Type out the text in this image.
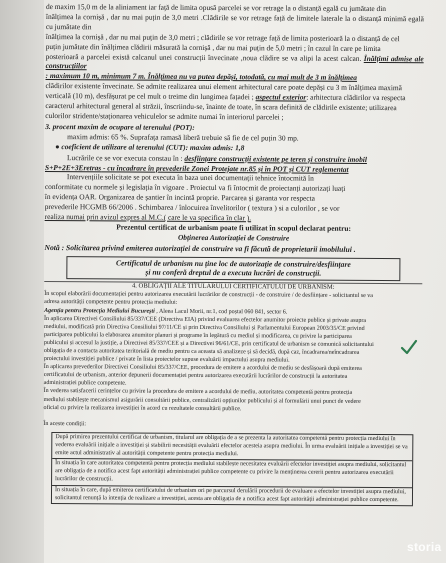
de maxim 15,0 m de la aliniament iar față de limita opusă parcelei se vor retrage la o distanță egală cu jumătate din

înălțimea la cornișă , dar nu mai puțin de 3,0 metri .Clădirile se vor retrage față de limitele laterale la o distanță minimă egală cu jumătate din

înălțimea la cornișă , dar nu mai puțin de 3,0 metri ; clădirile se vor retrage față de limita posterioară la o distanță de cel

puțin jumătate din înălțimea clădirii măsurată la cornișă , dar nu mai puțin de 5,0 metri ; în cazul în care pe limita

posterioară a parcelei există calcanul unei construcții învecinate ,noua clădire se va alipi la acest calcan. Înălțimi admise ale construcțiilor

: maximum 10 m, minimum 7 m. Înălțimea nu va putea depăși, totodată, cu mai mult de 3 m înălțimea

clădirilor existente învecinate. Se admite realizarea unui element arhitectural care poate depăși cu 3 m înălțimea maximă

verticală (10 m), desfășurat pe cel mult o treime din lungimea fațadei ; aspectul exterior: arhitectura clădirilor va respecta

caracterul arhitectural general al străzii, înscriindu-se, înainte de toate, în scara definită de clădirile existente; utilizarea

culorilor stridente/staționarea vehiculelor se admite numai în interiorul parcelei ;

3. procent maxim de ocupare al terenului (POT):

maxim admis: 65 %. Suprafața ramasă liberă trebuie să fie de cel puțin 30 mp.

● coeficient de utilizare al terenului (CUT): maxim admis: 1,8

Lucrările ce se vor executa constau în : desființare construcții existente pe teren și construire imobil

S+P+2E+3Eretras - cu încadrare în prevederile Zonei Protejate nr.85 și în POT și CUT reglementat

Intervențiile solicitate se pot executa în baza unei documentații tehnice întocmită în

conformitate cu normele și legislația în vigoare . Proiectul va fi întocmit de proiectanți autorizați luați

în evidența OAR. Organizarea de șantier în incintă proprie. Parcarea și garanta vor respecta

prevederile HCGMB 66/2006 . Schimbarea / înlocuirea învelitorilor ( textura ) si a culorilor , se vor

realiza numai prin avizul expres al M.C.( care le va specifica în clar ).

Prezentul certificat de urbanism poate fi utilizat în scopul declarat pentru:

Obținerea Autorizației de Construire

Notă : Solicitarea privind emiterea autorizației de construire va fi făcută de proprietarii imobilului .

Certificatul de urbanism nu ține loc de autorizație de construire/desființare
și nu conferă dreptul de a executa lucrări de construcții.
4. OBLIGAȚII ALE TITULARULUI CERTIFICATULUI DE URBANISM:

În scopul elaborării documentației pentru autorizarea executării lucrărilor de construcții - de construire / de desființare - solicitantul se va

adresa autorității competente pentru protecția mediului:

Agenția pentru Protecția Mediului București , Aleea Lacul Morii, nr.1, cod poștal 060 841, sector 6.

În aplicarea Directivei Consiliului 85/337/CEE (Directiva EIA) privind evaluarea efectelor anumitor proiecte publice și private asupra

mediului, modificată prin Directiva Consiliului 97/11/CE și prin Directiva Consiliului și Parlamentului European 2003/35/CE privind

participarea publicului la elaborarea anumitor planuri și programe în legătură cu mediul și modificarea, cu privire la participarea

publicului și accesul la justiție, a Directivei 85/337/CEE și a Directivei 96/61/CE, prin certificatul de urbanism se comunică solicitantului

obligația de a contacta autoritatea teritorială de mediu pentru ca aceasta să analizeze și să decidă, după caz, încadrarea/neîncadrarea

proiectului investiției publice / private în lista proiectelor supuse evaluării impactului asupra mediului.

În aplicarea prevederilor Directivei Consiliului 85/337/CEE, procedura de emitere a acordului de mediu se desfășoară după emiterea

certificatului de urbanism, anterior depunerii documentației pentru autorizarea executării lucrărilor de construcții la autoritatea

administrației publice competente.

În vederea satisfacerii cerințelor cu privire la procedura de emitere a acordului de mediu, autoritatea competentă pentru protecția

mediului stabilește mecanismul asigurării consultării publice, centralizării opțiunilor publicului și al formulării unui punct de vedere

oficial cu privire la realizarea investiției în acord cu rezultatele consultării publice.

În aceste condiții:

După primirea prezentului certificat de urbanism, titularul are obligația de a se prezenta la autoritatea competentă pentru protecția mediului în vederea evaluării inițiale a investiției și stabilirii necesității evaluării efectelor acesteia asupra mediului. În urma evaluării inițiale a investiției se va emite actul administrativ al autorității competente pentru protecția mediului.
În situația în care autoritatea competentă pentru protecția mediului stabilește necesitatea evaluării efectelor investiției asupra mediului, solicitantul are obligația de a notifica acest fapt autorității administrației publice competente cu privire la menținerea cererii pentru autorizarea executării lucrărilor de construcții.
În situația în care, după emiterea certificatului de urbanism ori pe parcursul derulării procedurii de evaluare a efectelor investiției asupra mediului, solicitantul renunță la intenția de realizare a investiției, acesta are obligația de a notifica acest fapt autorității administrației publice competente.
storia
